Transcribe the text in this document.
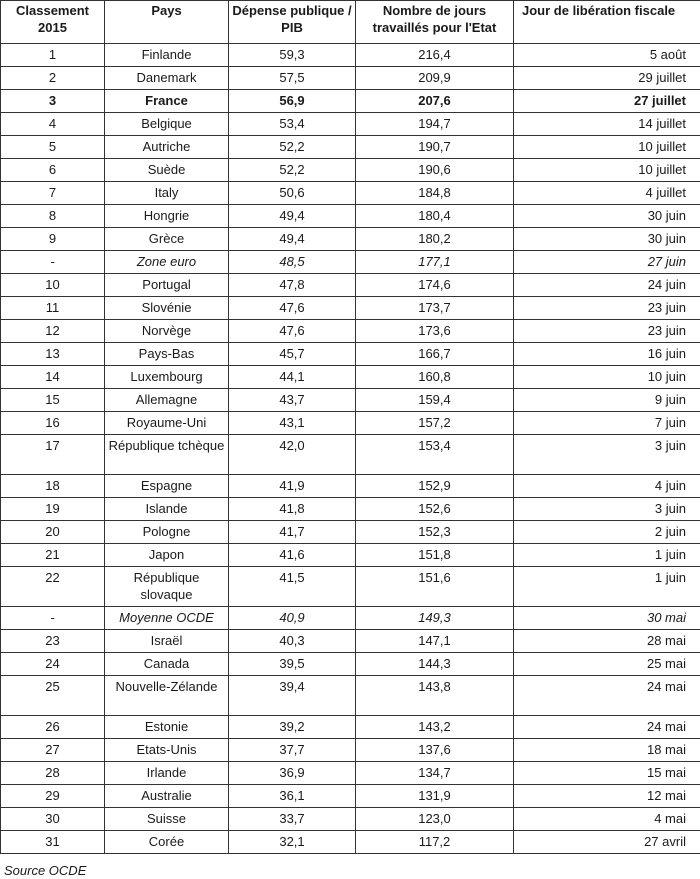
Classement 2015	Pays	Dépense publique / PIB	Nombre de jours travaillés pour l'Etat	Jour de libération fiscale
1	Finlande	59,3	216,4	5 août
2	Danemark	57,5	209,9	29 juillet
3	France	56,9	207,6	27 juillet
4	Belgique	53,4	194,7	14 juillet
5	Autriche	52,2	190,7	10 juillet
6	Suède	52,2	190,6	10 juillet
7	Italy	50,6	184,8	4 juillet
8	Hongrie	49,4	180,4	30 juin
9	Grèce	49,4	180,2	30 juin
-	Zone euro	48,5	177,1	27 juin
10	Portugal	47,8	174,6	24 juin
11	Slovénie	47,6	173,7	23 juin
12	Norvège	47,6	173,6	23 juin
13	Pays-Bas	45,7	166,7	16 juin
14	Luxembourg	44,1	160,8	10 juin
15	Allemagne	43,7	159,4	9 juin
16	Royaume-Uni	43,1	157,2	7 juin
17	République tchèque	42,0	153,4	3 juin
18	Espagne	41,9	152,9	4 juin
19	Islande	41,8	152,6	3 juin
20	Pologne	41,7	152,3	2 juin
21	Japon	41,6	151,8	1 juin
22	République slovaque	41,5	151,6	1 juin
-	Moyenne OCDE	40,9	149,3	30 mai
23	Israël	40,3	147,1	28 mai
24	Canada	39,5	144,3	25 mai
25	Nouvelle-Zélande	39,4	143,8	24 mai
26	Estonie	39,2	143,2	24 mai
27	Etats-Unis	37,7	137,6	18 mai
28	Irlande	36,9	134,7	15 mai
29	Australie	36,1	131,9	12 mai
30	Suisse	33,7	123,0	4 mai
31	Corée	32,1	117,2	27 avril
Source OCDE
